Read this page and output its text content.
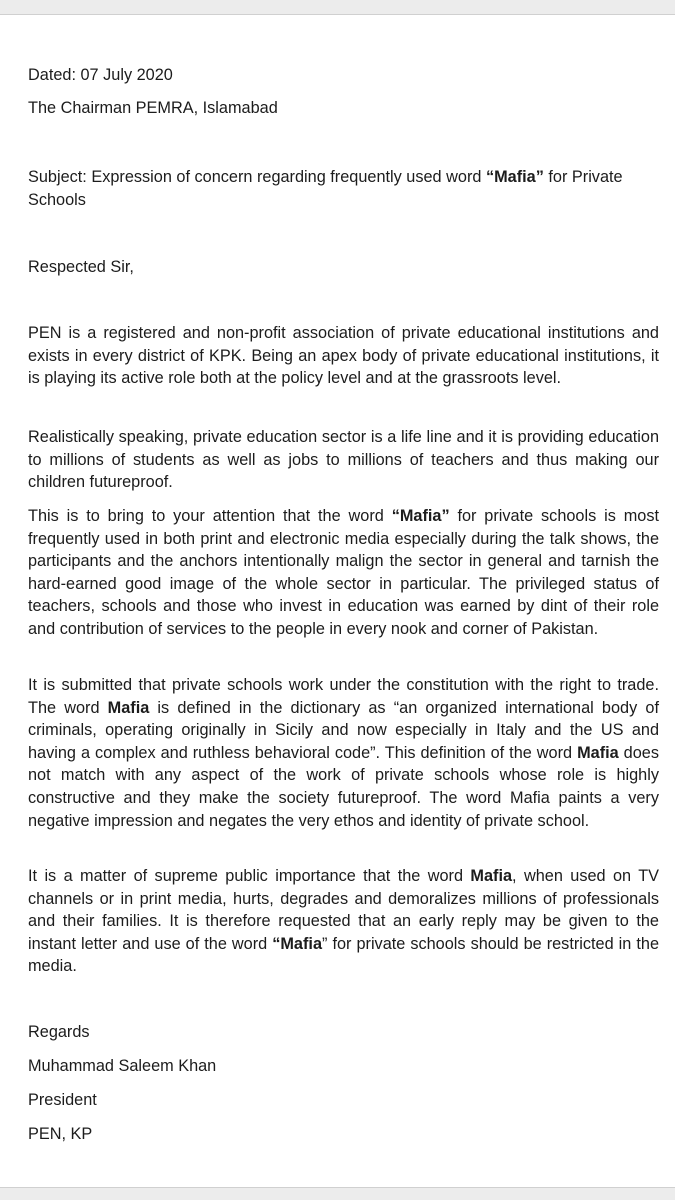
Dated: 07 July 2020
The Chairman PEMRA, Islamabad
Subject: Expression of concern regarding frequently used word “Mafia” for Private Schools
Respected Sir,
PEN is a registered and non-profit association of private educational institutions and exists in every district of KPK. Being an apex body of private educational institutions, it is playing its active role both at the policy level and at the grassroots level.
Realistically speaking, private education sector is a life line and it is providing education to millions of students as well as jobs to millions of teachers and thus making our children futureproof.
This is to bring to your attention that the word “Mafia” for private schools is most frequently used in both print and electronic media especially during the talk shows, the participants and the anchors intentionally malign the sector in general and tarnish the hard-earned good image of the whole sector in particular. The privileged status of teachers, schools and those who invest in education was earned by dint of their role and contribution of services to the people in every nook and corner of Pakistan.
It is submitted that private schools work under the constitution with the right to trade. The word Mafia is defined in the dictionary as “an organized international body of criminals, operating originally in Sicily and now especially in Italy and the US and having a complex and ruthless behavioral code”. This definition of the word Mafia does not match with any aspect of the work of private schools whose role is highly constructive and they make the society futureproof. The word Mafia paints a very negative impression and negates the very ethos and identity of private school.
It is a matter of supreme public importance that the word Mafia, when used on TV channels or in print media, hurts, degrades and demoralizes millions of professionals and their families. It is therefore requested that an early reply may be given to the instant letter and use of the word “Mafia” for private schools should be restricted in the media.
Regards
Muhammad Saleem Khan
President
PEN, KP
